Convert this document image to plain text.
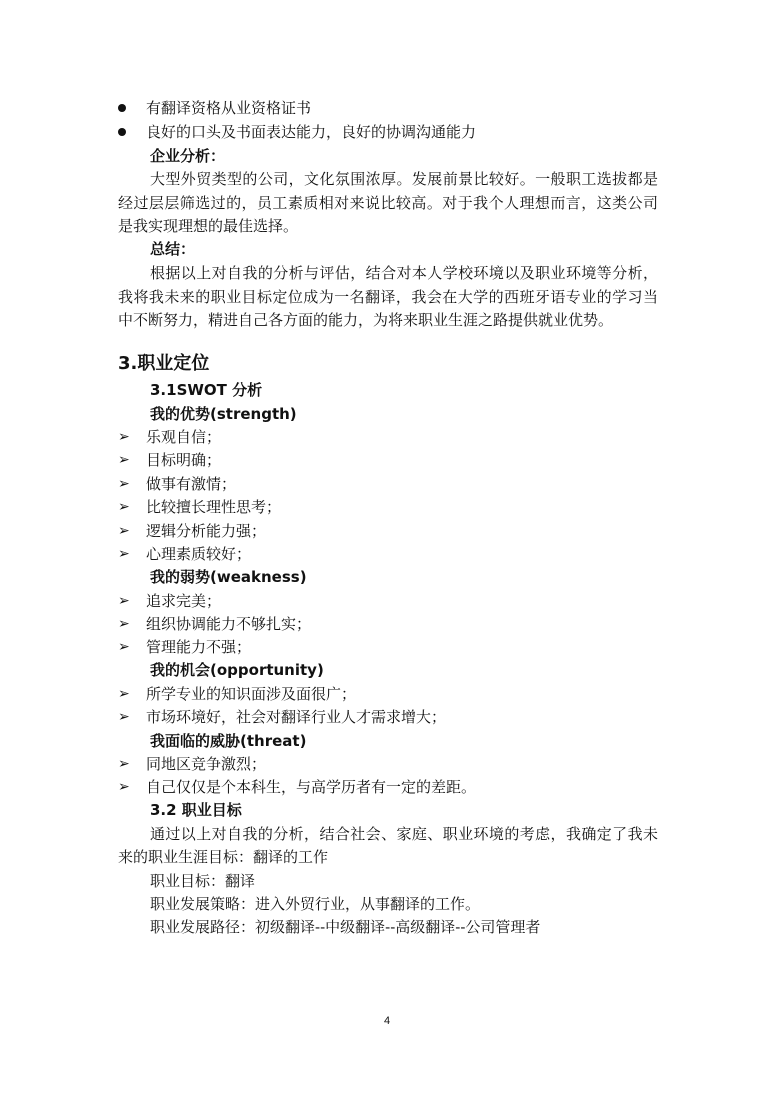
有翻译资格从业资格证书
良好的口头及书面表达能力，良好的协调沟通能力
企业分析：
大型外贸类型的公司，文化氛围浓厚。发展前景比较好。一般职工选拔都是
经过层层筛选过的，员工素质相对来说比较高。对于我个人理想而言，这类公司
是我实现理想的最佳选择。
总结：
根据以上对自我的分析与评估，结合对本人学校环境以及职业环境等分析，
我将我未来的职业目标定位成为一名翻译，我会在大学的西班牙语专业的学习当
中不断努力，精进自己各方面的能力，为将来职业生涯之路提供就业优势。
3.职业定位
3.1SWOT 分析
我的优势(strength)
➢ 乐观自信；
➢ 目标明确；
➢ 做事有激情；
➢ 比较擅长理性思考；
➢ 逻辑分析能力强；
➢ 心理素质较好；
我的弱势(weakness)
➢ 追求完美；
➢ 组织协调能力不够扎实；
➢ 管理能力不强；
我的机会(opportunity)
➢ 所学专业的知识面涉及面很广；
➢ 市场环境好，社会对翻译行业人才需求增大；
我面临的威胁(threat)
➢ 同地区竞争激烈；
➢ 自己仅仅是个本科生，与高学历者有一定的差距。
3.2 职业目标
通过以上对自我的分析，结合社会、家庭、职业环境的考虑，我确定了我未
来的职业生涯目标：翻译的工作
职业目标：翻译
职业发展策略：进入外贸行业，从事翻译的工作。
职业发展路径：初级翻译--中级翻译--高级翻译--公司管理者
4
